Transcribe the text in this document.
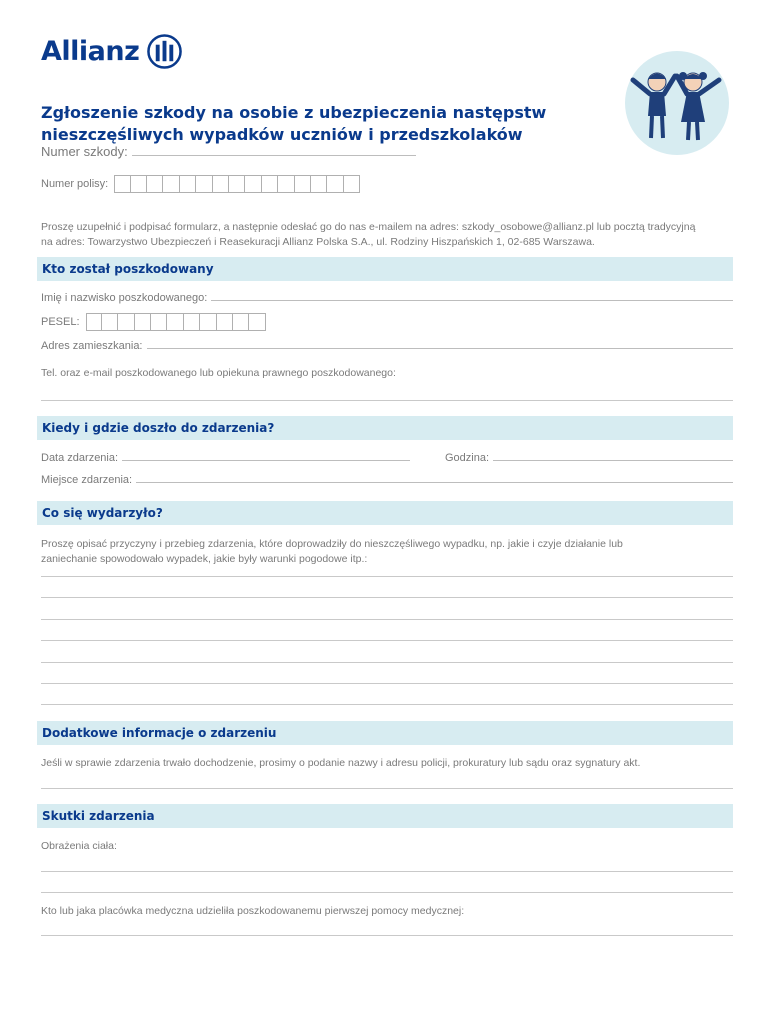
Allianz
Zgłoszenie szkody na osobie z ubezpieczenia następstw
nieszczęśliwych wypadków uczniów i przedszkolaków
Numer szkody:
Numer polisy:
Proszę uzupełnić i podpisać formularz, a następnie odesłać go do nas e-mailem na adres: szkody_osobowe@allianz.pl lub pocztą tradycyjną
na adres: Towarzystwo Ubezpieczeń i Reasekuracji Allianz Polska S.A., ul. Rodziny Hiszpańskich 1, 02-685 Warszawa.
Kto został poszkodowany
Imię i nazwisko poszkodowanego:
PESEL:
Adres zamieszkania:
Tel. oraz e-mail poszkodowanego lub opiekuna prawnego poszkodowanego:
Kiedy i gdzie doszło do zdarzenia?
Data zdarzenia:	Godzina:
Miejsce zdarzenia:
Co się wydarzyło?
Proszę opisać przyczyny i przebieg zdarzenia, które doprowadziły do nieszczęśliwego wypadku, np. jakie i czyje działanie lub
zaniechanie spowodowało wypadek, jakie były warunki pogodowe itp.:
Dodatkowe informacje o zdarzeniu
Jeśli w sprawie zdarzenia trwało dochodzenie, prosimy o podanie nazwy i adresu policji, prokuratury lub sądu oraz sygnatury akt.
Skutki zdarzenia
Obrażenia ciała:
Kto lub jaka placówka medyczna udzieliła poszkodowanemu pierwszej pomocy medycznej:
